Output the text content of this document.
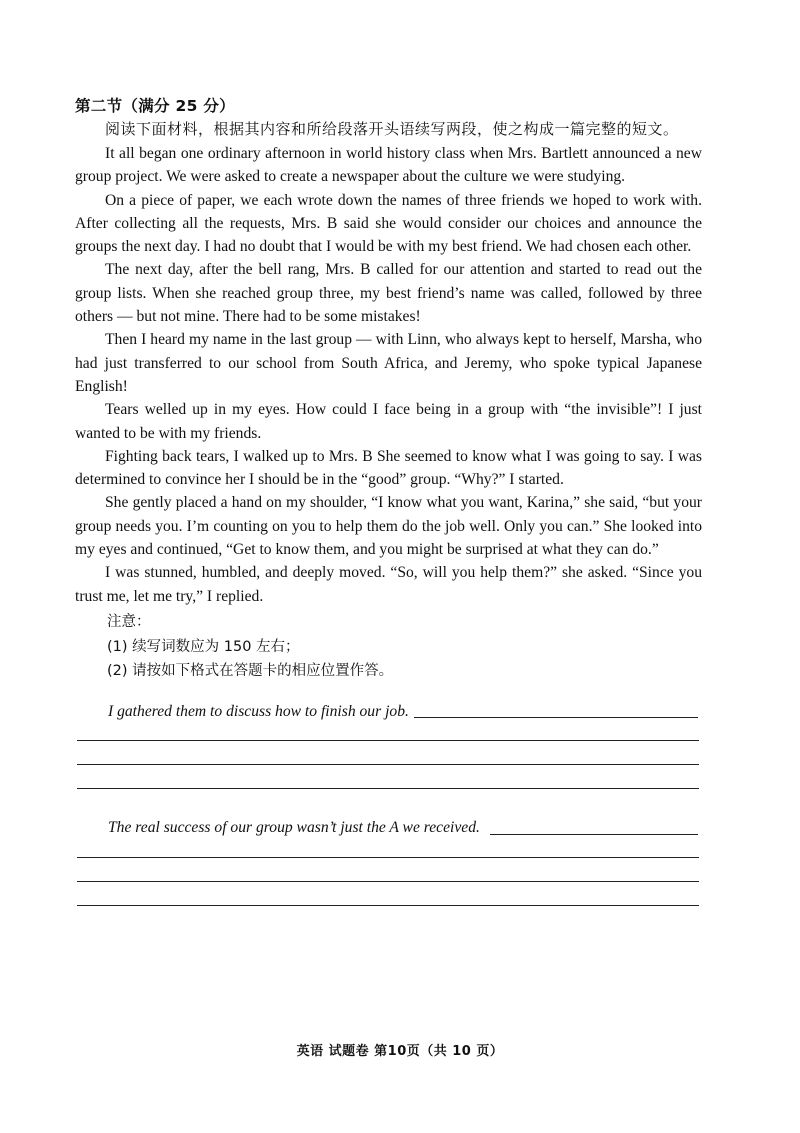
第二节（满分 25 分）
阅读下面材料，根据其内容和所给段落开头语续写两段，使之构成一篇完整的短文。

It all began one ordinary afternoon in world history class when Mrs. Bartlett announced a new group project. We were asked to create a newspaper about the culture we were studying.

On a piece of paper, we each wrote down the names of three friends we hoped to work with. After collecting all the requests, Mrs. B said she would consider our choices and announce the groups the next day. I had no doubt that I would be with my best friend. We had chosen each other.

The next day, after the bell rang, Mrs. B called for our attention and started to read out the group lists. When she reached group three, my best friend’s name was called, followed by three others — but not mine. There had to be some mistakes!

Then I heard my name in the last group — with Linn, who always kept to herself, Marsha, who had just transferred to our school from South Africa, and Jeremy, who spoke typical Japanese English!

Tears welled up in my eyes. How could I face being in a group with “the invisible”! I just wanted to be with my friends.

Fighting back tears, I walked up to Mrs. B She seemed to know what I was going to say. I was determined to convince her I should be in the “good” group. “Why?” I started.

She gently placed a hand on my shoulder, “I know what you want, Karina,” she said, “but your group needs you. I’m counting on you to help them do the job well. Only you can.” She looked into my eyes and continued, “Get to know them, and you might be surprised at what they can do.”

I was stunned, humbled, and deeply moved. “So, will you help them?” she asked. “Since you trust me, let me try,” I replied.

注意：
(1) 续写词数应为 150 左右；
(2) 请按如下格式在答题卡的相应位置作答。
I gathered them to discuss how to finish our job.
The real success of our group wasn’t just the A we received.
英语 试题卷 第10页（共 10 页）
